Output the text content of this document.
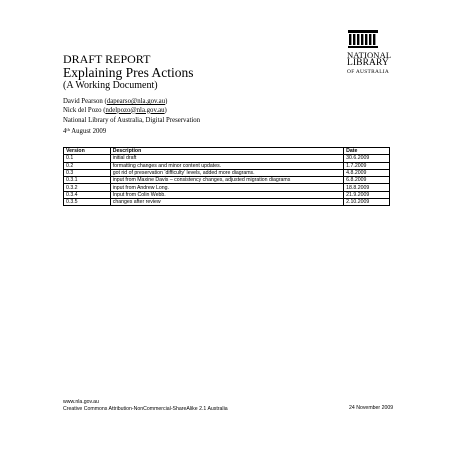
NATIONAL
LIBRARY
OF AUSTRALIA
DRAFT REPORT
Explaining Pres Actions
(A Working Document)
David Pearson (dapearso@nla.gov.au)
Nick del Pozo (ndelpozo@nla.gov.au)
National Library of Australia, Digital Preservation
4th August 2009
Version	Description	Date
0.1	initial draft	30.6.2009
0.2	formatting changes and minor content updates.	1.7.2009
0.3	got rid of preservation ‘difficulty’ levels, added more diagrams.	4.8.2009
0.3.1	input from Maxine Davis – consistency changes, adjusted migration diagrams	6.8.2009
0.3.2	input from Andrew Long.	18.8.2009
0.3.4	Input from Colin Webb.	21.9.2009
0.3.5	changes after review	2.10.2009
www.nla.gov.au
Creative Commons Attribution-NonCommercial-ShareAlike 2.1 Australia	24 November 2009
